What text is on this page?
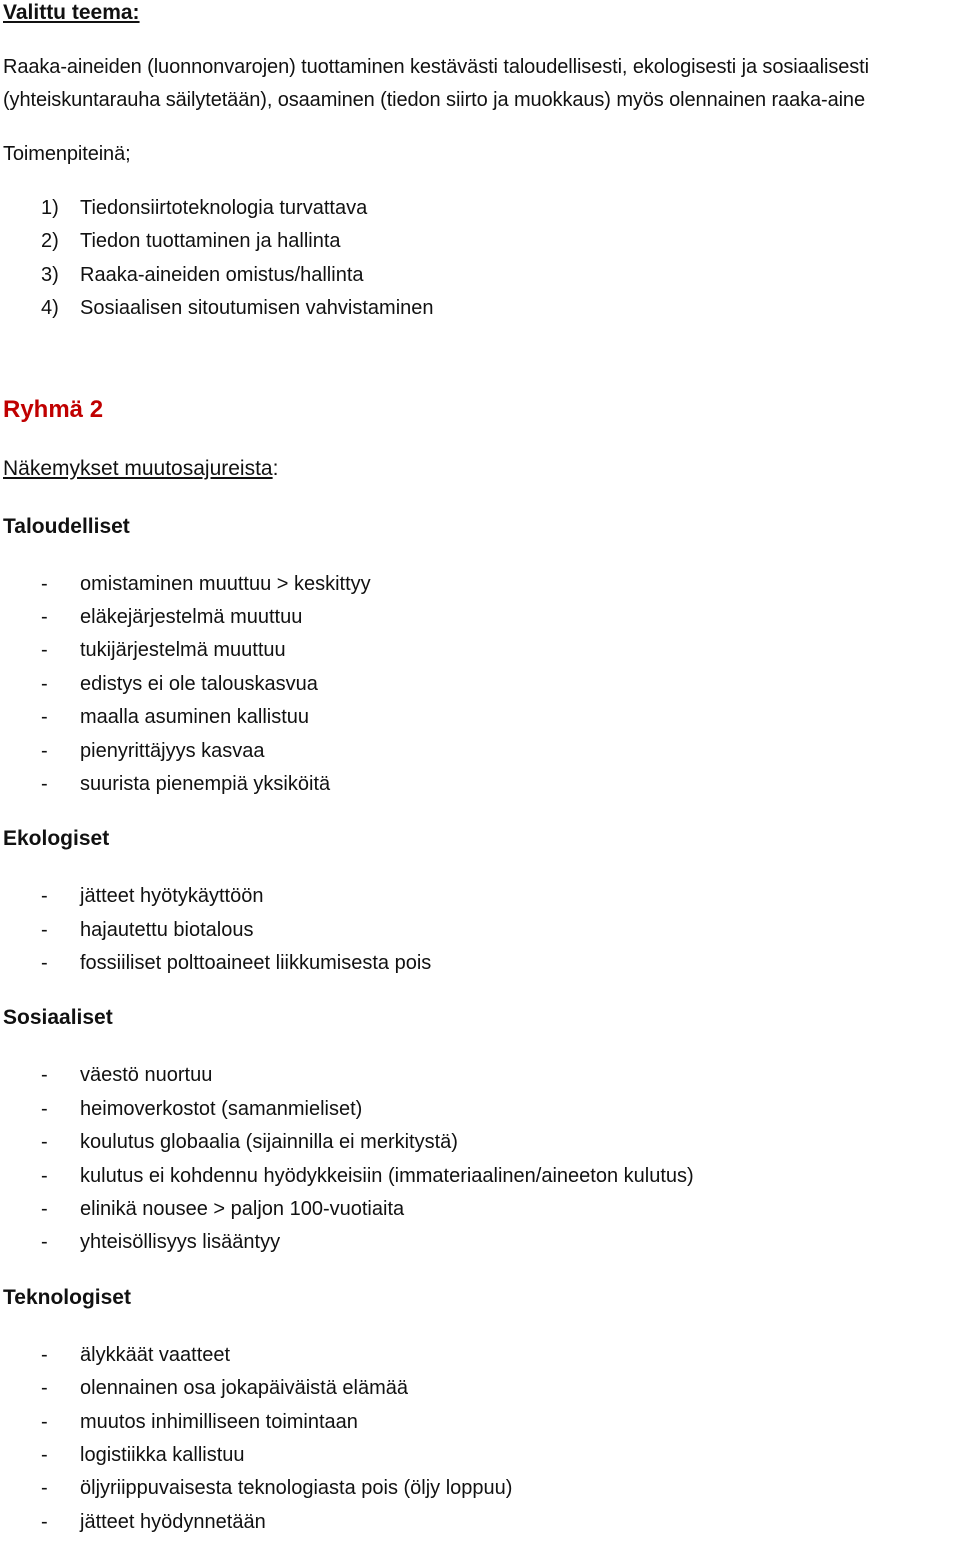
Valittu teema:

Raaka-aineiden (luonnonvarojen) tuottaminen kestävästi taloudellisesti, ekologisesti ja sosiaalisesti (yhteiskuntarauha säilytetään), osaaminen (tiedon siirto ja muokkaus) myös olennainen raaka-aine

Toimenpiteinä;

1) Tiedonsiirtoteknologia turvattava
2) Tiedon tuottaminen ja hallinta
3) Raaka-aineiden omistus/hallinta
4) Sosiaalisen sitoutumisen vahvistaminen
Ryhmä 2

Näkemykset muutosajureista:

Taloudelliset
- omistaminen muuttuu > keskittyy
- eläkejärjestelmä muuttuu
- tukijärjestelmä muuttuu
- edistys ei ole talouskasvua
- maalla asuminen kallistuu
- pienyrittäjyys kasvaa
- suurista pienempiä yksiköitä
Ekologiset
- jätteet hyötykäyttöön
- hajautettu biotalous
- fossiiliset polttoaineet liikkumisesta pois
Sosiaaliset
- väestö nuortuu
- heimoverkostot (samanmieliset)
- koulutus globaalia (sijainnilla ei merkitystä)
- kulutus ei kohdennu hyödykkeisiin (immateriaalinen/aineeton kulutus)
- elinikä nousee > paljon 100-vuotiaita
- yhteisöllisyys lisääntyy
Teknologiset
- älykkäät vaatteet
- olennainen osa jokapäiväistä elämää
- muutos inhimilliseen toimintaan
- logistiikka kallistuu
- öljyriippuvaisesta teknologiasta pois (öljy loppuu)
- jätteet hyödynnetään
